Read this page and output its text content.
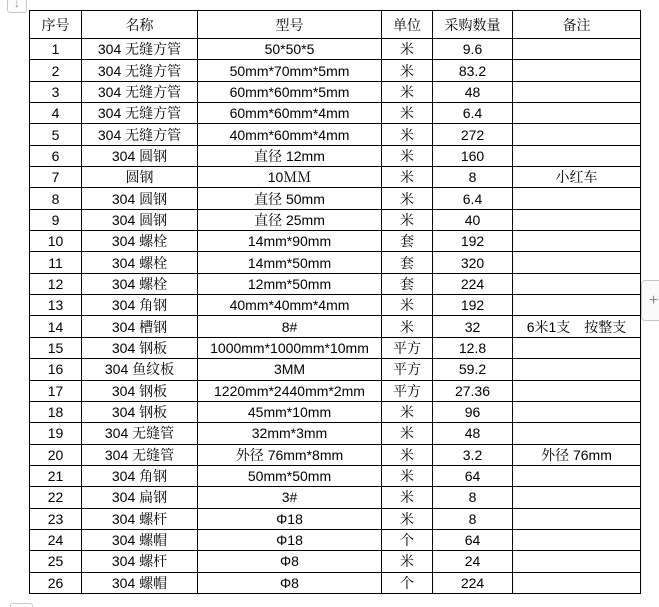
↓
序号	名称	型号	单位	采购数量	备注
1	304 无缝方管	50*50*5	米	9.6	
2	304 无缝方管	50mm*70mm*5mm	米	83.2	
3	304 无缝方管	60mm*60mm*5mm	米	48	
4	304 无缝方管	60mm*60mm*4mm	米	6.4	
5	304 无缝方管	40mm*60mm*4mm	米	272	
6	304 圆钢	直径 12mm	米	160	
7	圆钢	10ＭＭ	米	8	小红车
8	304 圆钢	直径 50mm	米	6.4	
9	304 圆钢	直径 25mm	米	40	
10	304 螺栓	14mm*90mm	套	192	
11	304 螺栓	14mm*50mm	套	320	
12	304 螺栓	12mm*50mm	套	224	
13	304 角钢	40mm*40mm*4mm	米	192	
14	304 槽钢	8#	米	32	6米1支　按整支
15	304 钢板	1000mm*1000mm*10mm	平方	12.8	
16	304 鱼纹板	3MM	平方	59.2	
17	304 钢板	1220mm*2440mm*2mm	平方	27.36	
18	304 钢板	45mm*10mm	米	96	
19	304 无缝管	32mm*3mm	米	48	
20	304 无缝管	外径 76mm*8mm	米	3.2	外径 76mm
21	304 角钢	50mm*50mm	米	64	
22	304 扁钢	3#	米	8	
23	304 螺杆	Φ18	米	8	
24	304 螺帽	Φ18	个	64	
25	304 螺杆	Φ8	米	24	
26	304 螺帽	Φ8	个	224	
+
